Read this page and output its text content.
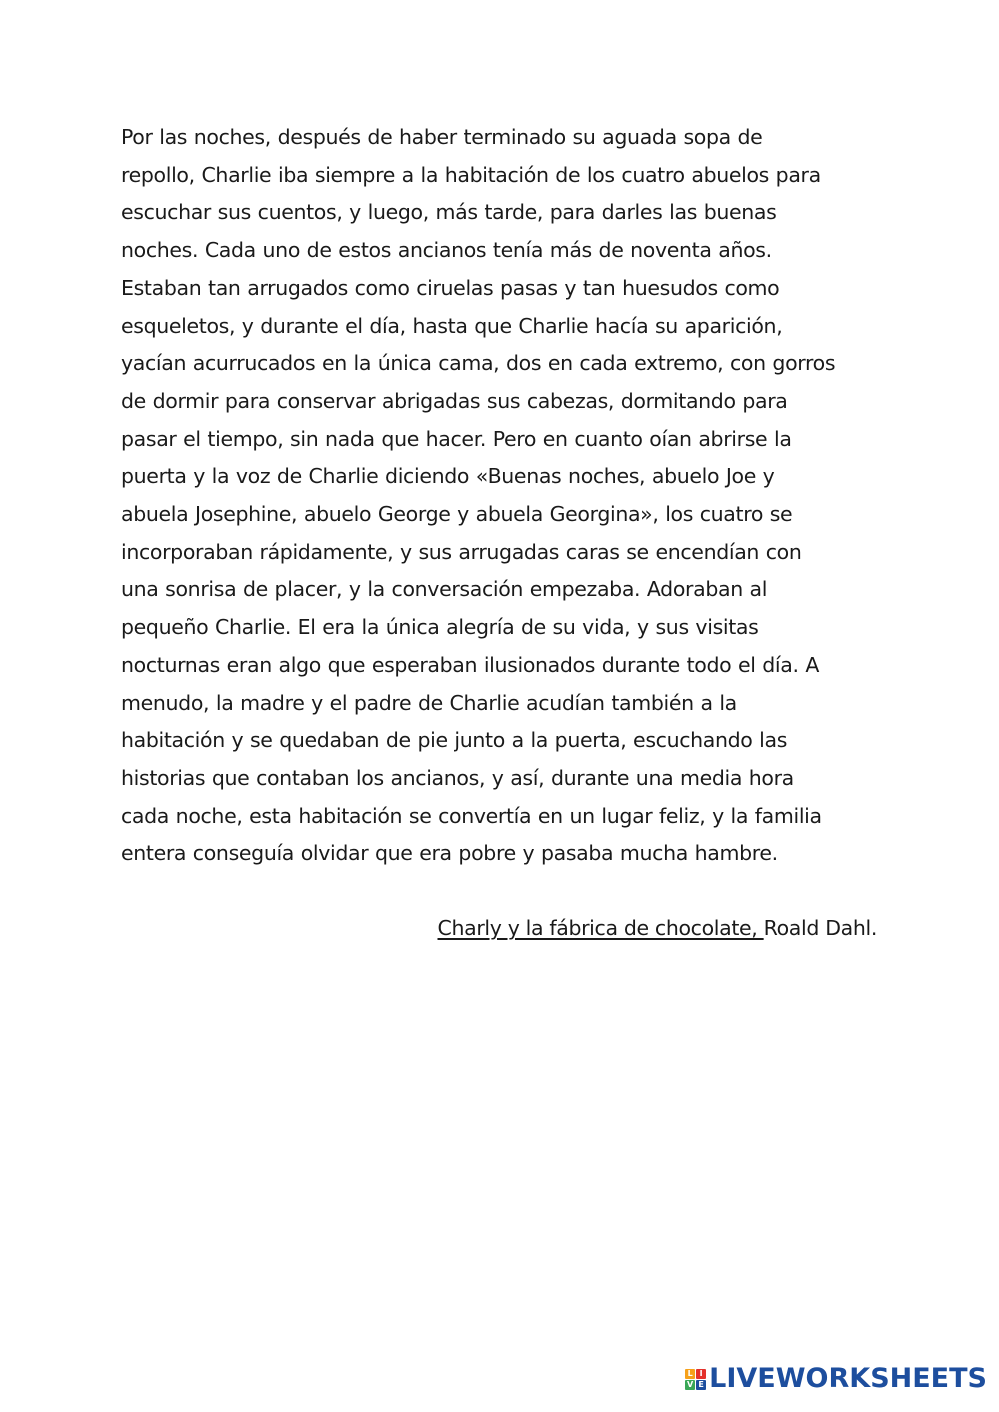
Por las noches, después de haber terminado su aguada sopa de
repollo, Charlie iba siempre a la habitación de los cuatro abuelos para
escuchar sus cuentos, y luego, más tarde, para darles las buenas
noches. Cada uno de estos ancianos tenía más de noventa años.
Estaban tan arrugados como ciruelas pasas y tan huesudos como
esqueletos, y durante el día, hasta que Charlie hacía su aparición,
yacían acurrucados en la única cama, dos en cada extremo, con gorros
de dormir para conservar abrigadas sus cabezas, dormitando para
pasar el tiempo, sin nada que hacer. Pero en cuanto oían abrirse la
puerta y la voz de Charlie diciendo «Buenas noches, abuelo Joe y
abuela Josephine, abuelo George y abuela Georgina», los cuatro se
incorporaban rápidamente, y sus arrugadas caras se encendían con
una sonrisa de placer, y la conversación empezaba. Adoraban al
pequeño Charlie. El era la única alegría de su vida, y sus visitas
nocturnas eran algo que esperaban ilusionados durante todo el día. A
menudo, la madre y el padre de Charlie acudían también a la
habitación y se quedaban de pie junto a la puerta, escuchando las
historias que contaban los ancianos, y así, durante una media hora
cada noche, esta habitación se convertía en un lugar feliz, y la familia
entera conseguía olvidar que era pobre y pasaba mucha hambre.
Charly y la fábrica de chocolate, Roald Dahl.
L I
V E LIVEWORKSHEETS
